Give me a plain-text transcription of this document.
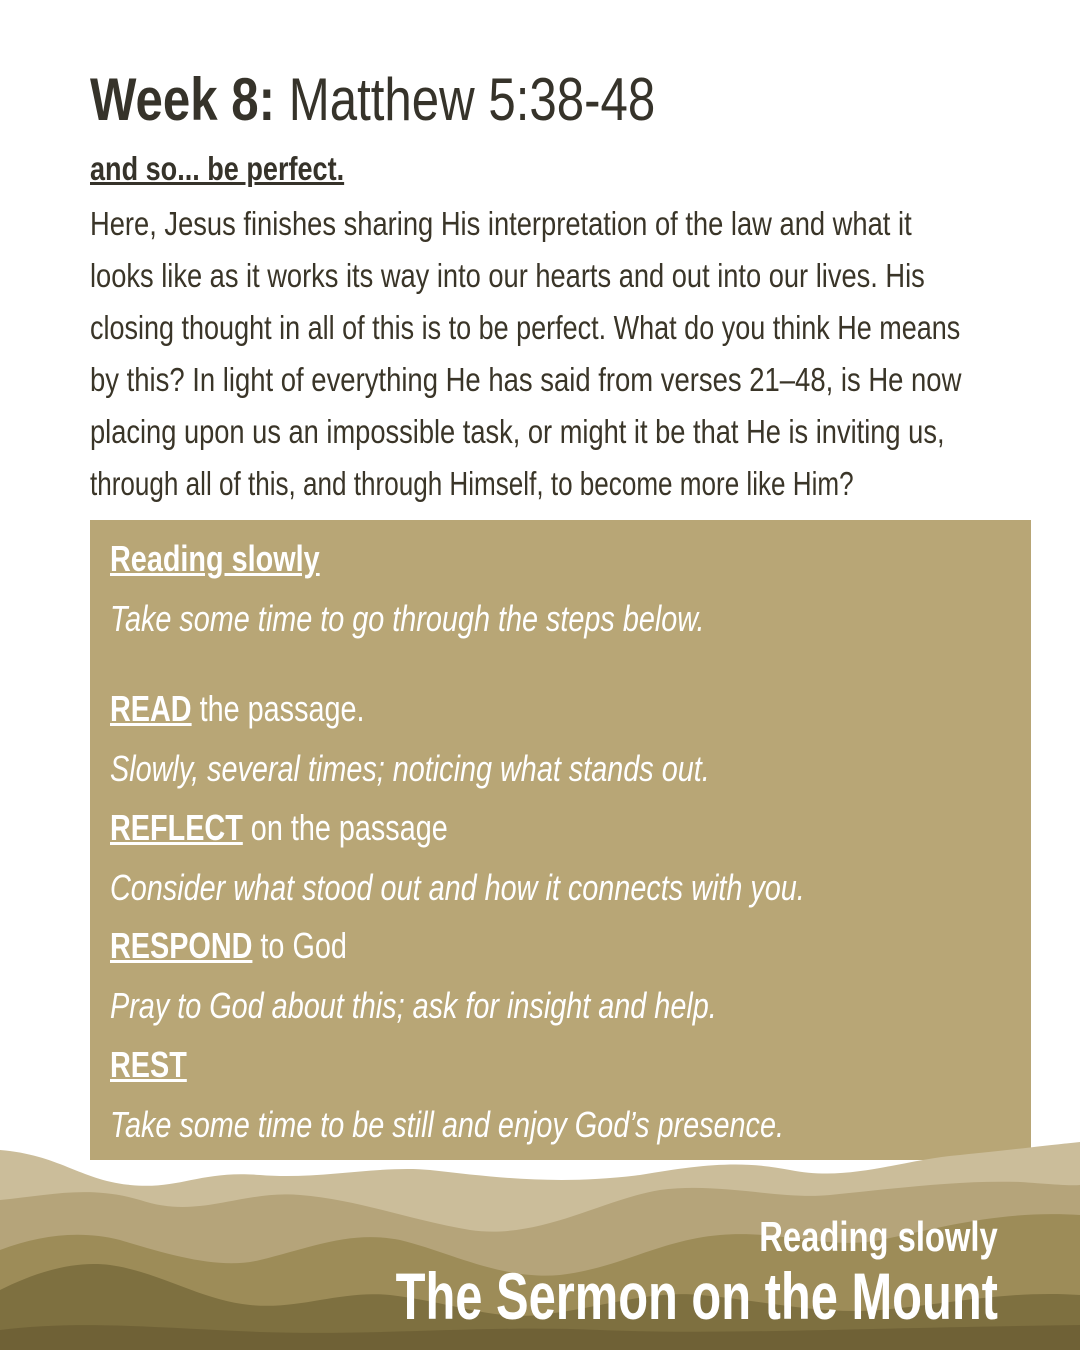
Week 8: Matthew 5:38-48
and so... be perfect.
Here, Jesus finishes sharing His interpretation of the law and what it
looks like as it works its way into our hearts and out into our lives. His
closing thought in all of this is to be perfect. What do you think He means
by this? In light of everything He has said from verses 21–48, is He now
placing upon us an impossible task, or might it be that He is inviting us,
through all of this, and through Himself, to become more like Him?
Reading slowly
Take some time to go through the steps below.
READ the passage.
Slowly, several times; noticing what stands out.
REFLECT on the passage
Consider what stood out and how it connects with you.
RESPOND to God
Pray to God about this; ask for insight and help.
REST
Take some time to be still and enjoy God’s presence.
Reading slowly
The Sermon on the Mount
